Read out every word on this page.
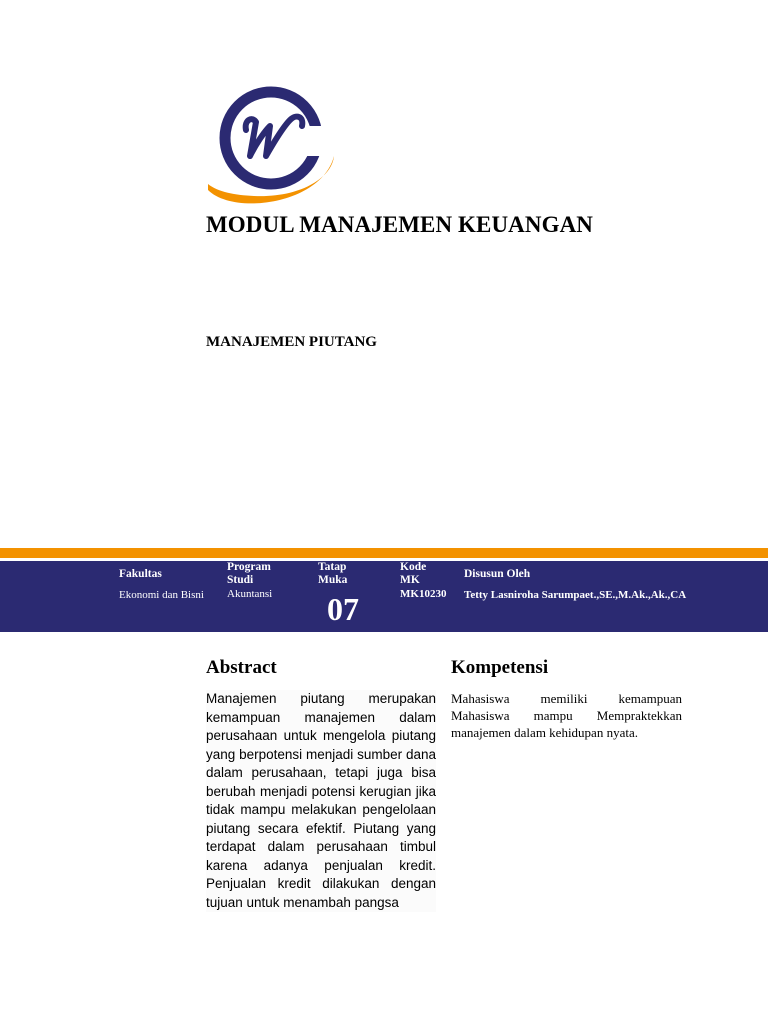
MODUL MANAJEMEN KEUANGAN
MANAJEMEN PIUTANG
Fakultas
Ekonomi dan Bisni
Program
Studi
Akuntansi
Tatap
Muka
07
Kode
MK
MK10230
Disusun Oleh
Tetty Lasniroha Sarumpaet.,SE.,M.Ak.,Ak.,CA
Abstract
Manajemen piutang merupakan kemampuan manajemen dalam perusahaan untuk mengelola piutang yang berpotensi menjadi sumber dana dalam perusahaan, tetapi juga bisa berubah menjadi potensi kerugian jika tidak mampu melakukan pengelolaan piutang secara efektif. Piutang yang terdapat dalam perusahaan timbul karena adanya penjualan kredit. Penjualan kredit dilakukan dengan tujuan untuk menambah pangsa
Kompetensi
Mahasiswa memiliki kemampuan
Mahasiswa mampu Mempraktekkan
manajemen dalam kehidupan nyata.
